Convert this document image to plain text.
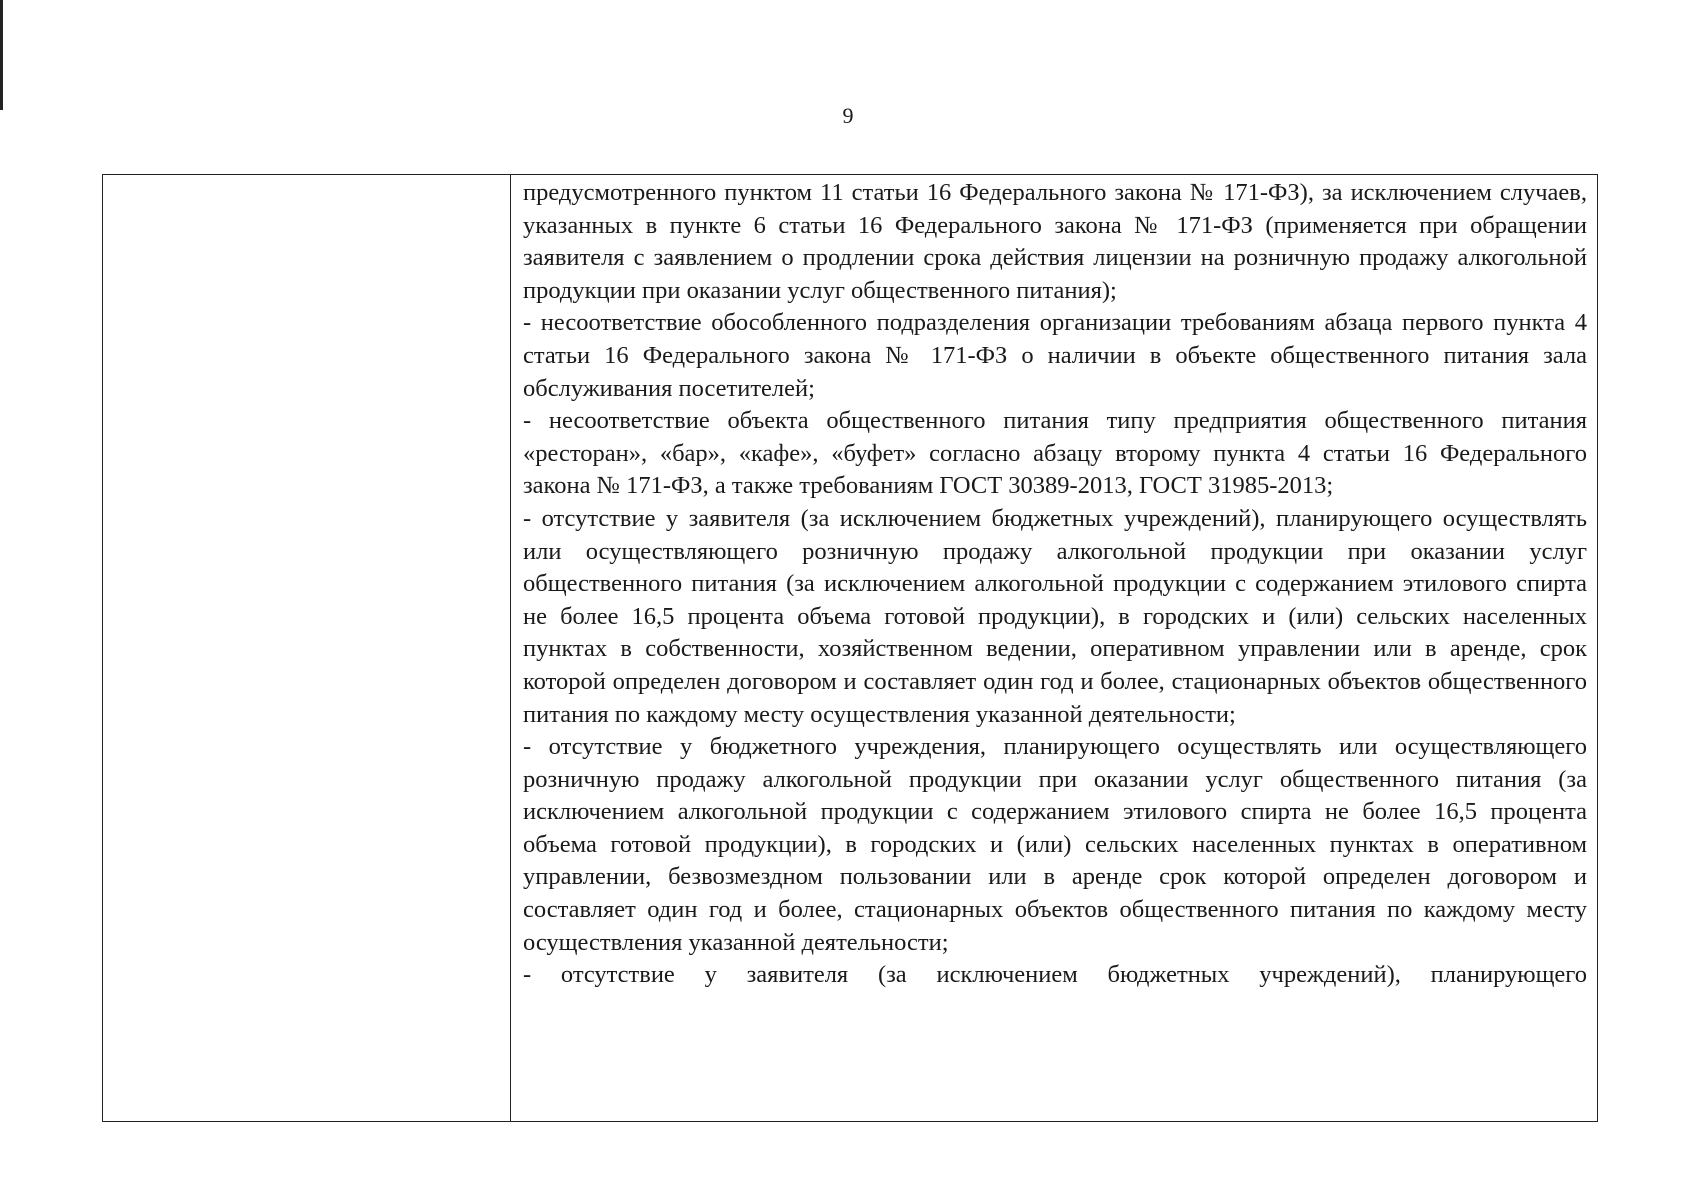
9

предусмотренного пунктом 11 статьи 16 Федерального закона № 171-ФЗ), за исключением случаев, указанных в пункте 6 статьи 16 Федерального закона № 171-ФЗ (применяется при обращении заявителя с заявлением о продлении срока действия лицензии на розничную продажу алкогольной продукции при оказании услуг общественного питания);

- несоответствие обособленного подразделения организации требованиям абзаца первого пункта 4 статьи 16 Федерального закона № 171-ФЗ о наличии в объекте общественного питания зала обслуживания посетителей;

- несоответствие объекта общественного питания типу предприятия общественного питания «ресторан», «бар», «кафе», «буфет» согласно абзацу второму пункта 4 статьи 16 Федерального закона № 171-ФЗ, а также требованиям ГОСТ 30389-2013, ГОСТ 31985-2013;

- отсутствие у заявителя (за исключением бюджетных учреждений), планирующего осуществлять или осуществляющего розничную продажу алкогольной продукции при оказании услуг общественного питания (за исключением алкогольной продукции с содержанием этилового спирта не более 16,5 процента объема готовой продукции), в городских и (или) сельских населенных пунктах в собственности, хозяйственном ведении, оперативном управлении или в аренде, срок которой определен договором и составляет один год и более, стационарных объектов общественного питания по каждому месту осуществления указанной деятельности;

- отсутствие у бюджетного учреждения, планирующего осуществлять или осуществляющего розничную продажу алкогольной продукции при оказании услуг общественного питания (за исключением алкогольной продукции с содержанием этилового спирта не более 16,5 процента объема готовой продукции), в городских и (или) сельских населенных пунктах в оперативном управлении, безвозмездном пользовании или в аренде срок которой определен договором и составляет один год и более, стационарных объектов общественного питания по каждому месту осуществления указанной деятельности;

- отсутствие у заявителя (за исключением бюджетных учреждений), планирующего
